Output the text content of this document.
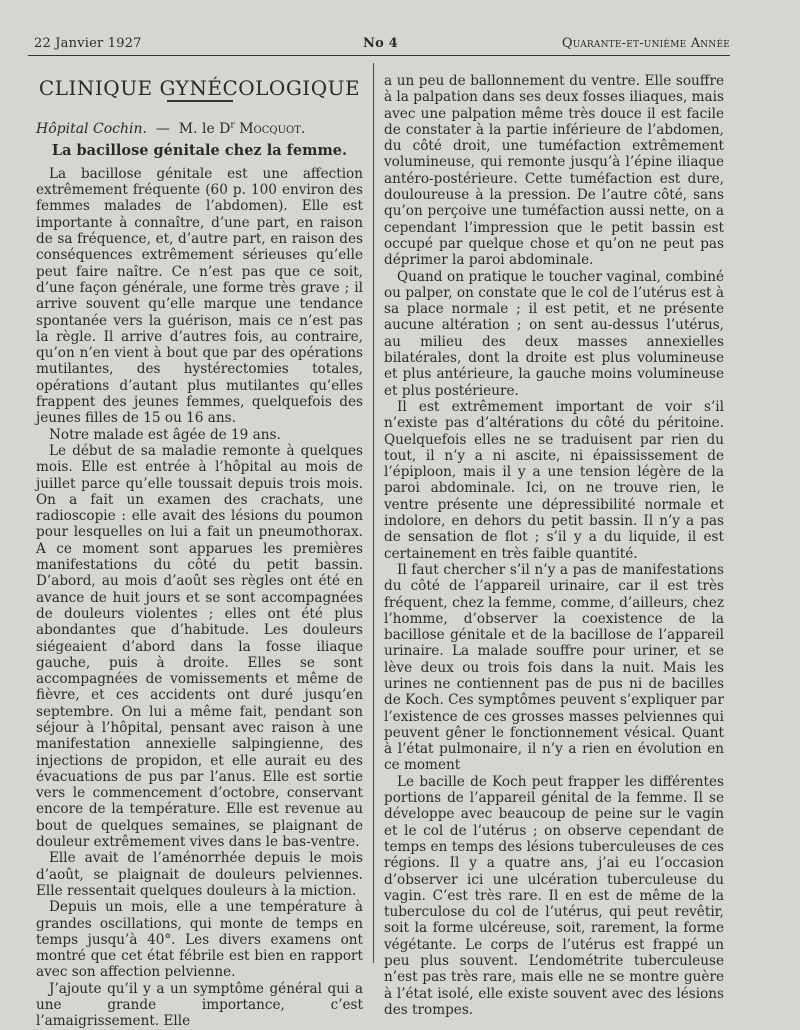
22 Janvier 1927	No 4	Quarante-et-unième Année
CLINIQUE GYNÉCOLOGIQUE
Hôpital Cochin. — M. le $D^r$ Mocquot.
La bacillose génitale chez la femme.

La bacillose génitale est une affection extrêmement fréquente (60 p. 100 environ des femmes malades de l’abdomen). Elle est importante à connaître, d’une part, en raison de sa fréquence, et, d’autre part, en raison des conséquences extrêmement sérieuses qu’elle peut faire naître. Ce n’est pas que ce soit, d’une façon générale, une forme très grave ; il arrive souvent qu’elle marque une tendance spontanée vers la guérison, mais ce n’est pas la règle. Il arrive d’autres fois, au contraire, qu’on n’en vient à bout que par des opérations mutilantes, des hystérectomies totales, opérations d’autant plus mutilantes qu’elles frappent des jeunes femmes, quelquefois des jeunes filles de 15 ou 16 ans.

Notre malade est âgée de 19 ans.

Le début de sa maladie remonte à quelques mois. Elle est entrée à l’hôpital au mois de juillet parce qu’elle toussait depuis trois mois. On a fait un examen des crachats, une radioscopie : elle avait des lésions du poumon pour lesquelles on lui a fait un pneumothorax. A ce moment sont apparues les premières manifestations du côté du petit bassin. D’abord, au mois d’août ses règles ont été en avance de huit jours et se sont accompagnées de douleurs violentes ; elles ont été plus abondantes que d’habitude. Les douleurs siégeaient d’abord dans la fosse iliaque gauche, puis à droite. Elles se sont accompagnées de vomissements et même de fièvre, et ces accidents ont duré jusqu’en septembre. On lui a même fait, pendant son séjour à l’hôpital, pensant avec raison à une manifestation annexielle salpingienne, des injections de propidon, et elle aurait eu des évacuations de pus par l’anus. Elle est sortie vers le commencement d’octobre, conservant encore de la température. Elle est revenue au bout de quelques semaines, se plaignant de douleur extrêmement vives dans le bas-ventre.

Elle avait de l’aménorrhée depuis le mois d’août, se plaignait de douleurs pelviennes. Elle ressentait quelques douleurs à la miction.

Depuis un mois, elle a une température à grandes oscillations, qui monte de temps en temps jusqu’à 40°. Les divers examens ont montré que cet état fébrile est bien en rapport avec son affection pelvienne.

J’ajoute qu’il y a un symptôme général qui a une grande importance, c’est l’amaigrissement. Elle

a un peu de ballonnement du ventre. Elle souffre à la palpation dans ses deux fosses iliaques, mais avec une palpation même très douce il est facile de constater à la partie inférieure de l’abdomen, du côté droit, une tuméfaction extrêmement volumineuse, qui remonte jusqu’à l’épine iliaque antéro-postérieure. Cette tuméfaction est dure, douloureuse à la pression. De l’autre côté, sans qu’on perçoive une tuméfaction aussi nette, on a cependant l’impression que le petit bassin est occupé par quelque chose et qu’on ne peut pas déprimer la paroi abdominale.

Quand on pratique le toucher vaginal, combiné ou palper, on constate que le col de l’utérus est à sa place normale ; il est petit, et ne présente aucune altération ; on sent au-dessus l’utérus, au milieu des deux masses annexielles bilatérales, dont la droite est plus volumineuse et plus antérieure, la gauche moins volumineuse et plus postérieure.

Il est extrêmement important de voir s’il n’existe pas d’altérations du côté du péritoine. Quelquefois elles ne se traduisent par rien du tout, il n’y a ni ascite, ni épaississement de l’épiploon, mais il y a une tension légère de la paroi abdominale. Ici, on ne trouve rien, le ventre présente une dépressibilité normale et indolore, en dehors du petit bassin. Il n’y a pas de sensation de flot ; s’il y a du liquide, il est certainement en très faible quantité.

Il faut chercher s’il n’y a pas de manifestations du côté de l’appareil urinaire, car il est très fréquent, chez la femme, comme, d’ailleurs, chez l’homme, d’observer la coexistence de la bacillose génitale et de la bacillose de l’appareil urinaire. La malade souffre pour uriner, et se lève deux ou trois fois dans la nuit. Mais les urines ne contiennent pas de pus ni de bacilles de Koch. Ces symptômes peuvent s’expliquer par l’existence de ces grosses masses pelviennes qui peuvent gêner le fonctionnement vésical. Quant à l’état pulmonaire, il n’y a rien en évolution en ce moment

Le bacille de Koch peut frapper les différentes portions de l’appareil génital de la femme. Il se développe avec beaucoup de peine sur le vagin et le col de l’utérus ; on observe cependant de temps en temps des lésions tuberculeuses de ces régions. Il y a quatre ans, j’ai eu l’occasion d’observer ici une ulcération tuberculeuse du vagin. C’est très rare. Il en est de même de la tuberculose du col de l’utérus, qui peut revêtir, soit la forme ulcéreuse, soit, rarement, la forme végétante. Le corps de l’utérus est frappé un peu plus souvent. L’endométrite tuberculeuse n’est pas très rare, mais elle ne se montre guère à l’état isolé, elle existe souvent avec des lésions des trompes.
